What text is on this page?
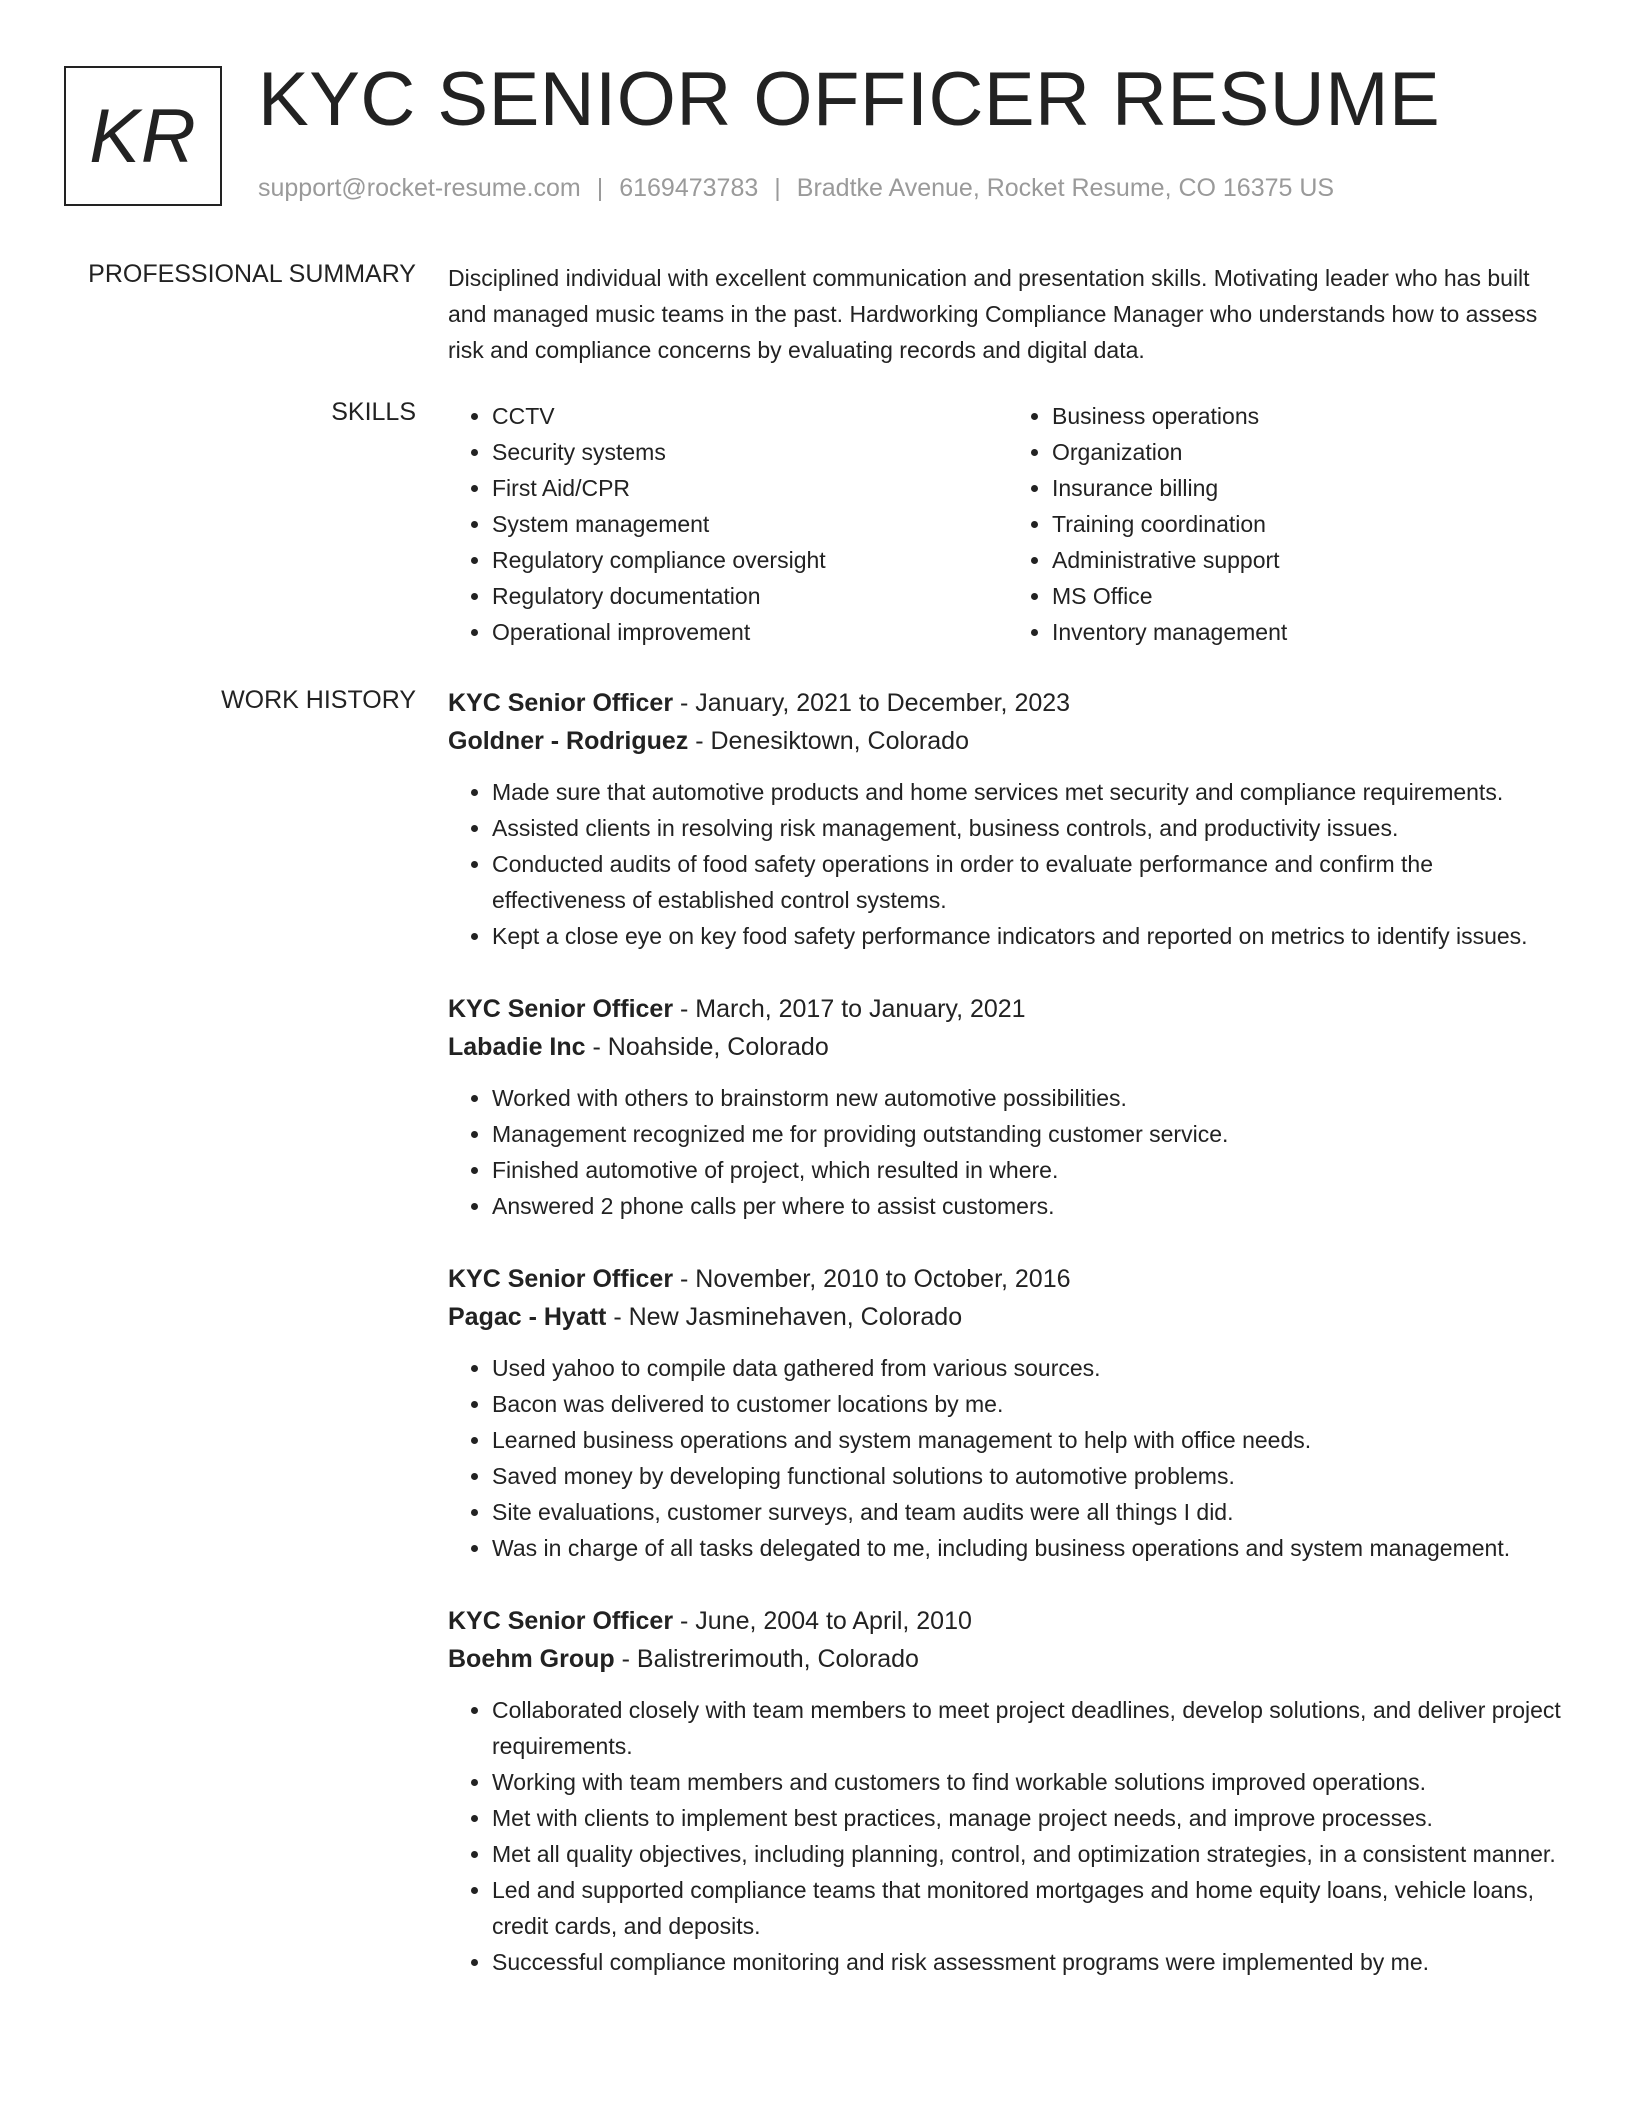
KR KYC SENIOR OFFICER RESUME
support@rocket-resume.com | 6169473783 | Bradtke Avenue, Rocket Resume, CO 16375 US
PROFESSIONAL SUMMARY Disciplined individual with excellent communication and presentation skills. Motivating leader who has built and managed music teams in the past. Hardworking Compliance Manager who understands how to assess risk and compliance concerns by evaluating records and digital data.
SKILLS
•	CCTV
• Security systems
• First Aid/CPR
• System management
• Regulatory compliance oversight
• Regulatory documentation
• Operational improvement
• Business operations
• Organization
• Insurance billing
• Training coordination
• Administrative support
• MS Office
• Inventory management
WORK HISTORY KYC Senior Officer - January, 2021 to December, 2023
Goldner - Rodriguez - Denesiktown, Colorado
• Made sure that automotive products and home services met security and compliance requirements.
• Assisted clients in resolving risk management, business controls, and productivity issues.
• Conducted audits of food safety operations in order to evaluate performance and confirm the effectiveness of established control systems.
• Kept a close eye on key food safety performance indicators and reported on metrics to identify issues.
KYC Senior Officer - March, 2017 to January, 2021
Labadie Inc - Noahside, Colorado
• Worked with others to brainstorm new automotive possibilities.
• Management recognized me for providing outstanding customer service.
• Finished automotive of project, which resulted in where.
• Answered 2 phone calls per where to assist customers.
KYC Senior Officer - November, 2010 to October, 2016
Pagac - Hyatt - New Jasminehaven, Colorado
• Used yahoo to compile data gathered from various sources.
• Bacon was delivered to customer locations by me.
• Learned business operations and system management to help with office needs.
• Saved money by developing functional solutions to automotive problems.
• Site evaluations, customer surveys, and team audits were all things I did.
• Was in charge of all tasks delegated to me, including business operations and system management.
KYC Senior Officer - June, 2004 to April, 2010
Boehm Group - Balistrerimouth, Colorado
• Collaborated closely with team members to meet project deadlines, develop solutions, and deliver project requirements.
• Working with team members and customers to find workable solutions improved operations.
• Met with clients to implement best practices, manage project needs, and improve processes.
• Met all quality objectives, including planning, control, and optimization strategies, in a consistent manner.
• Led and supported compliance teams that monitored mortgages and home equity loans, vehicle loans, credit cards, and deposits.
• Successful compliance monitoring and risk assessment programs were implemented by me.
